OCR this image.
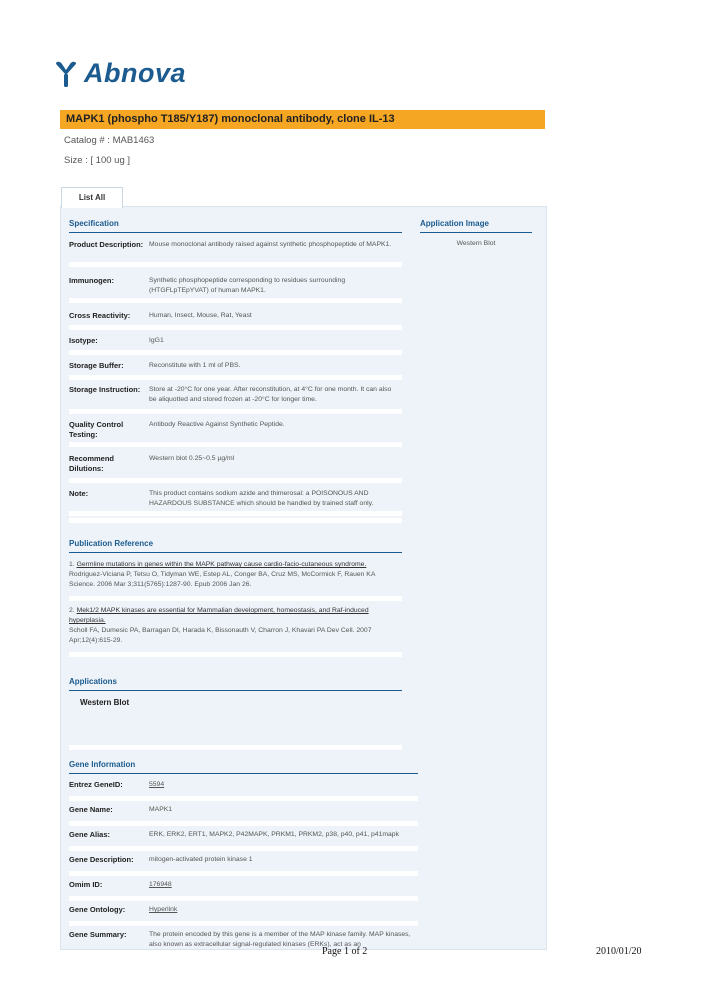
Abnova
MAPK1 (phospho T185/Y187) monoclonal antibody, clone IL-13
Catalog # : MAB1463
Size : [ 100 ug ]
List All
Specification
Product Description: Mouse monoclonal antibody raised against synthetic phosphopeptide of MAPK1.
Immunogen:	Synthetic phosphopeptide corresponding to residues surrounding (HTGFLpTEpYVAT) of human MAPK1.
Cross Reactivity:	Human, Insect, Mouse, Rat, Yeast
Isotype:	IgG1
Storage Buffer:	Reconstitute with 1 ml of PBS.
Storage Instruction:	Store at -20°C for one year. After reconstitution, at 4°C for one month. It can also be aliquotted and stored frozen at -20°C for longer time.
Quality Control Testing:
Antibody Reactive Against Synthetic Peptide.
Recommend Dilutions:
Western blot 0.25~0.5 µg/ml
Note:	This product contains sodium azide and thimerosal: a POISONOUS AND HAZARDOUS SUBSTANCE which should be handled by trained staff only.
Application Image
Western Blot
Publication Reference
1. Germline mutations in genes within the MAPK pathway cause cardio-facio-cutaneous syndrome.
Rodriguez-Viciana P, Tetsu O, Tidyman WE, Estep AL, Conger BA, Cruz MS, McCormick F, Rauen KA Science. 2006 Mar 3;311(5765):1287-90. Epub 2006 Jan 26.
2. Mek1/2 MAPK kinases are essential for Mammalian development, homeostasis, and Raf-induced hyperplasia.
Scholl FA, Dumesic PA, Barragan DI, Harada K, Bissonauth V, Charron J, Khavari PA Dev Cell. 2007 Apr;12(4):615-29.
Applications
Western Blot
Gene Information
Entrez GeneID:	5594
Gene Name:	MAPK1
Gene Alias:	ERK, ERK2, ERT1, MAPK2, P42MAPK, PRKM1, PRKM2, p38, p40, p41, p41mapk
Gene Description:	mitogen-activated protein kinase 1
Omim ID:	176948
Gene Ontology:	Hyperlink
Gene Summary:	The protein encoded by this gene is a member of the MAP kinase family. MAP kinases, also known as extracellular signal-regulated kinases (ERKs), act as an
Page 1 of 2	2010/01/20
